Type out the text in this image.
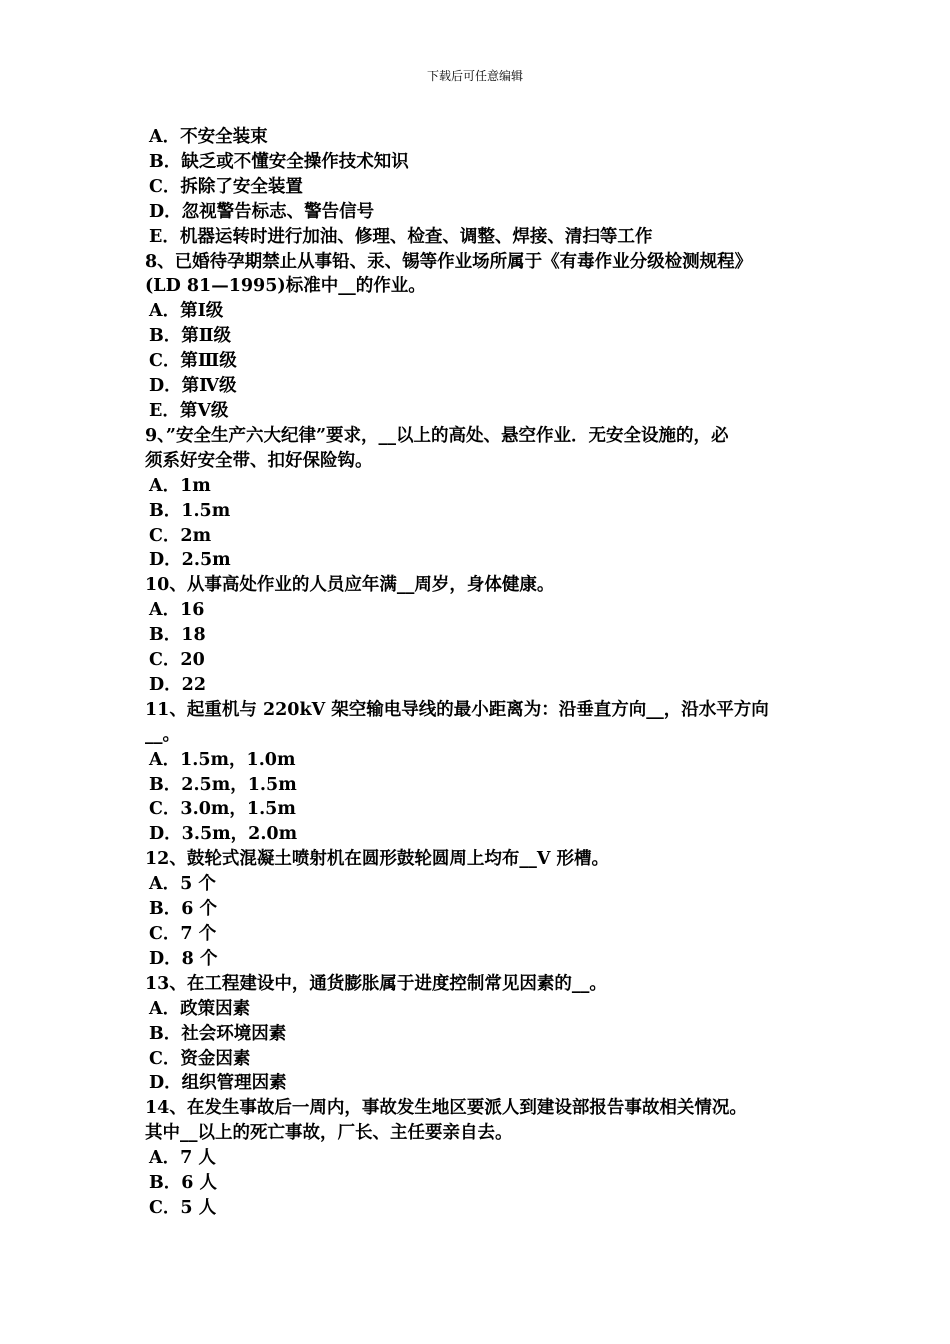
下载后可任意编辑
A．不安全装束
B．缺乏或不懂安全操作技术知识
C．拆除了安全装置
D．忽视警告标志、警告信号
E．机器运转时进行加油、修理、检查、调整、焊接、清扫等工作
8、已婚待孕期禁止从事铅、汞、锡等作业场所属于《有毒作业分级检测规程》
(LD 81—1995)标准中__的作业。
A．第Ⅰ级
B．第Ⅱ级
C．第Ⅲ级
D．第Ⅳ级
E．第Ⅴ级
9、”安全生产六大纪律”要求，__以上的高处、悬空作业．无安全设施的，必
须系好安全带、扣好保险钩。
A．1m
B．1.5m
C．2m
D．2.5m
10、从事高处作业的人员应年满__周岁，身体健康。
A．16
B．18
C．20
D．22
11、起重机与 220kV 架空输电导线的最小距离为：沿垂直方向__，沿水平方向
__。
A．1.5m，1.0m
B．2.5m，1.5m
C．3.0m，1.5m
D．3.5m，2.0m
12、鼓轮式混凝土喷射机在圆形鼓轮圆周上均布__V 形槽。
A．5 个
B．6 个
C．7 个
D．8 个
13、在工程建设中，通货膨胀属于进度控制常见因素的__。
A．政策因素
B．社会环境因素
C．资金因素
D．组织管理因素
14、在发生事故后一周内，事故发生地区要派人到建设部报告事故相关情况。
其中__以上的死亡事故，厂长、主任要亲自去。
A．7 人
B．6 人
C．5 人
